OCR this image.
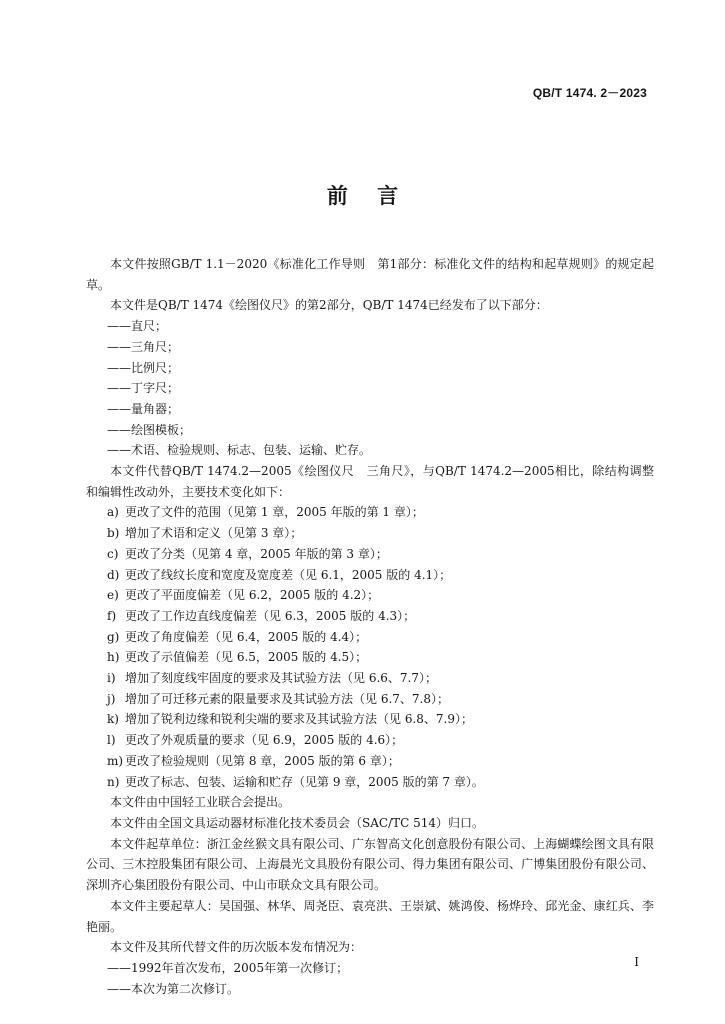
QB/T 1474. 2－2023
前 言

本文件按照GB/T 1.1－2020《标准化工作导则　第1部分：标准化文件的结构和起草规则》的规定起草。

本文件是QB/T 1474《绘图仪尺》的第2部分，QB/T 1474已经发布了以下部分：

——直尺；

——三角尺；

——比例尺；

——丁字尺；

——量角器；

——绘图模板；

——术语、检验规则、标志、包装、运输、贮存。

本文件代替QB/T 1474.2—2005《绘图仪尺　三角尺》，与QB/T 1474.2—2005相比，除结构调整和编辑性改动外，主要技术变化如下：

a) 更改了文件的范围（见第 1 章，2005 年版的第 1 章）；

b) 增加了术语和定义（见第 3 章）；

c) 更改了分类（见第 4 章，2005 年版的第 3 章）；

d) 更改了线纹长度和宽度及宽度差（见 6.1，2005 版的 4.1）；

e) 更改了平面度偏差（见 6.2，2005 版的 4.2）；

f) 更改了工作边直线度偏差（见 6.3，2005 版的 4.3）；

g) 更改了角度偏差（见 6.4，2005 版的 4.4）；

h) 更改了示值偏差（见 6.5，2005 版的 4.5）；

i) 增加了刻度线牢固度的要求及其试验方法（见 6.6、7.7）；

j) 增加了可迁移元素的限量要求及其试验方法（见 6.7、7.8）；

k) 增加了锐利边缘和锐利尖端的要求及其试验方法（见 6.8、7.9）；

l) 更改了外观质量的要求（见 6.9，2005 版的 4.6）；

m) 更改了检验规则（见第 8 章，2005 版的第 6 章）；

n) 更改了标志、包装、运输和贮存（见第 9 章，2005 版的第 7 章）。

本文件由中国轻工业联合会提出。

本文件由全国文具运动器材标准化技术委员会（SAC/TC 514）归口。

本文件起草单位：浙江金丝猴文具有限公司、广东智高文化创意股份有限公司、上海蝴蝶绘图文具有限公司、三木控股集团有限公司、上海晨光文具股份有限公司、得力集团有限公司、广博集团股份有限公司、深圳齐心集团股份有限公司、中山市联众文具有限公司。

本文件主要起草人：吴国强、林华、周尧臣、袁亮洪、王崇斌、姚鸿俊、杨烨玲、邱光金、康红兵、李艳丽。

本文件及其所代替文件的历次版本发布情况为：

——1992年首次发布，2005年第一次修订；

——本次为第二次修订。

I
